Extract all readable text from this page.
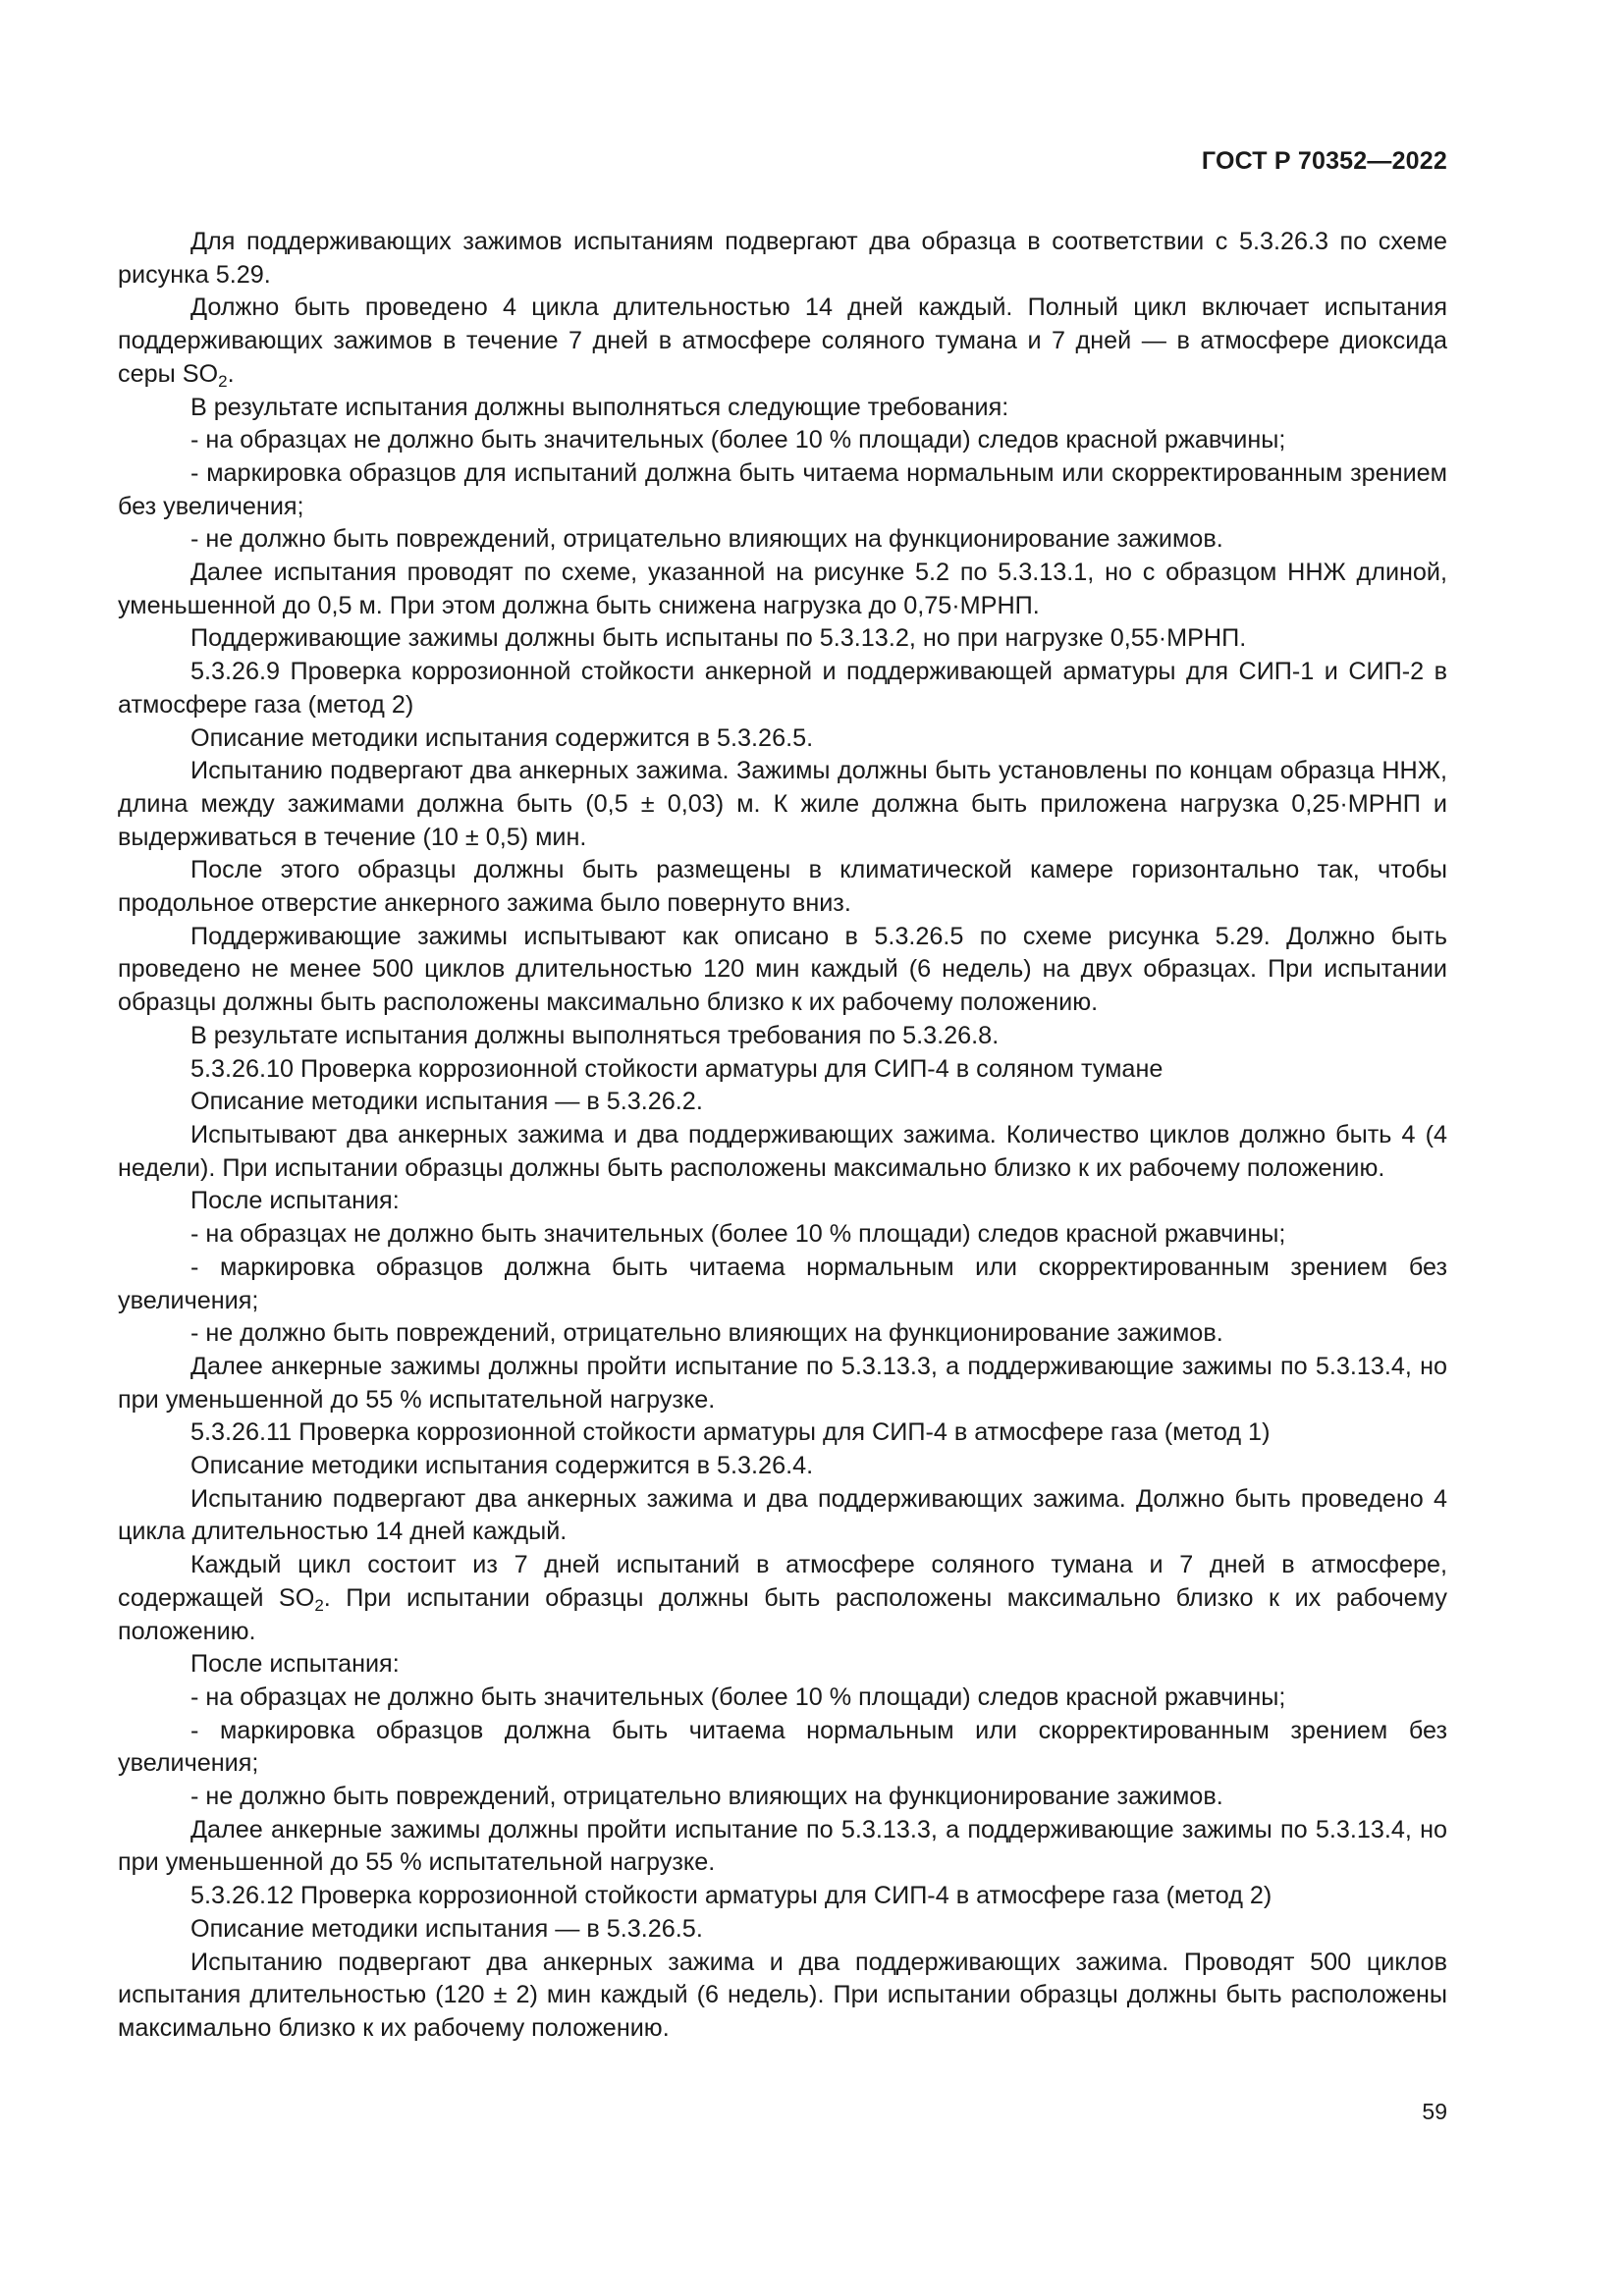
ГОСТ Р 70352—2022

Для поддерживающих зажимов испытаниям подвергают два образца в соответствии с 5.3.26.3 по схеме рисунка 5.29.

Должно быть проведено 4 цикла длительностью 14 дней каждый. Полный цикл включает испытания поддерживающих зажимов в течение 7 дней в атмосфере соляного тумана и 7 дней — в атмосфере диоксида серы $SO_2$.

В результате испытания должны выполняться следующие требования:

- на образцах не должно быть значительных (более 10 % площади) следов красной ржавчины;

- маркировка образцов для испытаний должна быть читаема нормальным или скорректированным зрением без увеличения;

- не должно быть повреждений, отрицательно влияющих на функционирование зажимов.

Далее испытания проводят по схеме, указанной на рисунке 5.2 по 5.3.13.1, но с образцом ННЖ длиной, уменьшенной до 0,5 м. При этом должна быть снижена нагрузка до 0,75·МРНП.

Поддерживающие зажимы должны быть испытаны по 5.3.13.2, но при нагрузке 0,55·МРНП.

5.3.26.9 Проверка коррозионной стойкости анкерной и поддерживающей арматуры для СИП-1 и СИП-2 в атмосфере газа (метод 2)

Описание методики испытания содержится в 5.3.26.5.

Испытанию подвергают два анкерных зажима. Зажимы должны быть установлены по концам образца ННЖ, длина между зажимами должна быть (0,5 ± 0,03) м. К жиле должна быть приложена нагрузка 0,25·МРНП и выдерживаться в течение (10 ± 0,5) мин.

После этого образцы должны быть размещены в климатической камере горизонтально так, чтобы продольное отверстие анкерного зажима было повернуто вниз.

Поддерживающие зажимы испытывают как описано в 5.3.26.5 по схеме рисунка 5.29. Должно быть проведено не менее 500 циклов длительностью 120 мин каждый (6 недель) на двух образцах. При испытании образцы должны быть расположены максимально близко к их рабочему положению.

В результате испытания должны выполняться требования по 5.3.26.8.

5.3.26.10 Проверка коррозионной стойкости арматуры для СИП-4 в соляном тумане

Описание методики испытания — в 5.3.26.2.

Испытывают два анкерных зажима и два поддерживающих зажима. Количество циклов должно быть 4 (4 недели). При испытании образцы должны быть расположены максимально близко к их рабочему положению.

После испытания:

- на образцах не должно быть значительных (более 10 % площади) следов красной ржавчины;

- маркировка образцов должна быть читаема нормальным или скорректированным зрением без увеличения;

- не должно быть повреждений, отрицательно влияющих на функционирование зажимов.

Далее анкерные зажимы должны пройти испытание по 5.3.13.3, а поддерживающие зажимы по 5.3.13.4, но при уменьшенной до 55 % испытательной нагрузке.

5.3.26.11 Проверка коррозионной стойкости арматуры для СИП-4 в атмосфере газа (метод 1)

Описание методики испытания содержится в 5.3.26.4.

Испытанию подвергают два анкерных зажима и два поддерживающих зажима. Должно быть проведено 4 цикла длительностью 14 дней каждый.

Каждый цикл состоит из 7 дней испытаний в атмосфере соляного тумана и 7 дней в атмосфере, содержащей $SO_2$. При испытании образцы должны быть расположены максимально близко к их рабочему положению.

После испытания:

- на образцах не должно быть значительных (более 10 % площади) следов красной ржавчины;

- маркировка образцов должна быть читаема нормальным или скорректированным зрением без увеличения;

- не должно быть повреждений, отрицательно влияющих на функционирование зажимов.

Далее анкерные зажимы должны пройти испытание по 5.3.13.3, а поддерживающие зажимы по 5.3.13.4, но при уменьшенной до 55 % испытательной нагрузке.

5.3.26.12 Проверка коррозионной стойкости арматуры для СИП-4 в атмосфере газа (метод 2)

Описание методики испытания — в 5.3.26.5.

Испытанию подвергают два анкерных зажима и два поддерживающих зажима. Проводят 500 циклов испытания длительностью (120 ± 2) мин каждый (6 недель). При испытании образцы должны быть расположены максимально близко к их рабочему положению.

59
